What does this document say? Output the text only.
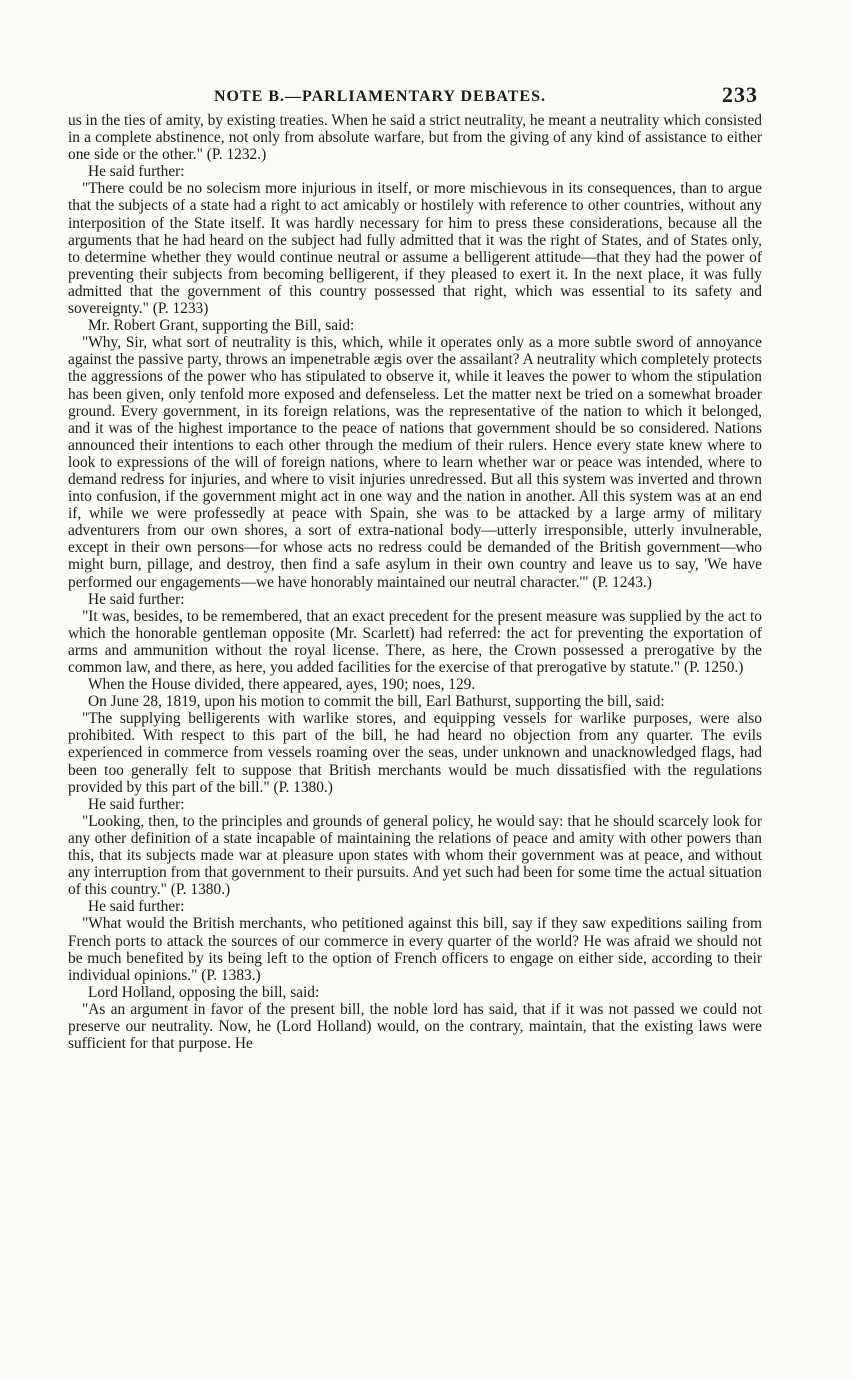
NOTE B.—PARLIAMENTARY DEBATES.	233

us in the ties of amity, by existing treaties. When he said a strict neutrality, he meant a neutrality which consisted in a complete abstinence, not only from absolute warfare, but from the giving of any kind of assistance to either one side or the other." (P. 1232.)

He said further:

"There could be no solecism more injurious in itself, or more mischievous in its consequences, than to argue that the subjects of a state had a right to act amicably or hostilely with reference to other countries, without any interposition of the State itself. It was hardly necessary for him to press these considerations, because all the arguments that he had heard on the subject had fully admitted that it was the right of States, and of States only, to determine whether they would continue neutral or assume a belligerent attitude—that they had the power of preventing their subjects from becoming belligerent, if they pleased to exert it. In the next place, it was fully admitted that the government of this country possessed that right, which was essential to its safety and sovereignty." (P. 1233)

Mr. Robert Grant, supporting the Bill, said:

"Why, Sir, what sort of neutrality is this, which, while it operates only as a more subtle sword of annoyance against the passive party, throws an impenetrable ægis over the assailant? A neutrality which completely protects the aggressions of the power who has stipulated to observe it, while it leaves the power to whom the stipulation has been given, only tenfold more exposed and defenseless. Let the matter next be tried on a somewhat broader ground. Every government, in its foreign relations, was the representative of the nation to which it belonged, and it was of the highest importance to the peace of nations that government should be so considered. Nations announced their intentions to each other through the medium of their rulers. Hence every state knew where to look to expressions of the will of foreign nations, where to learn whether war or peace was intended, where to demand redress for injuries, and where to visit injuries unredressed. But all this system was inverted and thrown into confusion, if the government might act in one way and the nation in another. All this system was at an end if, while we were professedly at peace with Spain, she was to be attacked by a large army of military adventurers from our own shores, a sort of extra-national body—utterly irresponsible, utterly invulnerable, except in their own persons—for whose acts no redress could be demanded of the British government—who might burn, pillage, and destroy, then find a safe asylum in their own country and leave us to say, 'We have performed our engagements—we have honorably maintained our neutral character.'" (P. 1243.)

He said further:

"It was, besides, to be remembered, that an exact precedent for the present measure was supplied by the act to which the honorable gentleman opposite (Mr. Scarlett) had referred: the act for preventing the exportation of arms and ammunition without the royal license. There, as here, the Crown possessed a prerogative by the common law, and there, as here, you added facilities for the exercise of that prerogative by statute." (P. 1250.)

When the House divided, there appeared, ayes, 190; noes, 129.

On June 28, 1819, upon his motion to commit the bill, Earl Bathurst, supporting the bill, said:

"The supplying belligerents with warlike stores, and equipping vessels for warlike purposes, were also prohibited. With respect to this part of the bill, he had heard no objection from any quarter. The evils experienced in commerce from vessels roaming over the seas, under unknown and unacknowledged flags, had been too generally felt to suppose that British merchants would be much dissatisfied with the regulations provided by this part of the bill." (P. 1380.)

He said further:

"Looking, then, to the principles and grounds of general policy, he would say: that he should scarcely look for any other definition of a state incapable of maintaining the relations of peace and amity with other powers than this, that its subjects made war at pleasure upon states with whom their government was at peace, and without any interruption from that government to their pursuits. And yet such had been for some time the actual situation of this country." (P. 1380.)

He said further:

"What would the British merchants, who petitioned against this bill, say if they saw expeditions sailing from French ports to attack the sources of our commerce in every quarter of the world? He was afraid we should not be much benefited by its being left to the option of French officers to engage on either side, according to their individual opinions." (P. 1383.)

Lord Holland, opposing the bill, said:

"As an argument in favor of the present bill, the noble lord has said, that if it was not passed we could not preserve our neutrality. Now, he (Lord Holland) would, on the contrary, maintain, that the existing laws were sufficient for that purpose. He
